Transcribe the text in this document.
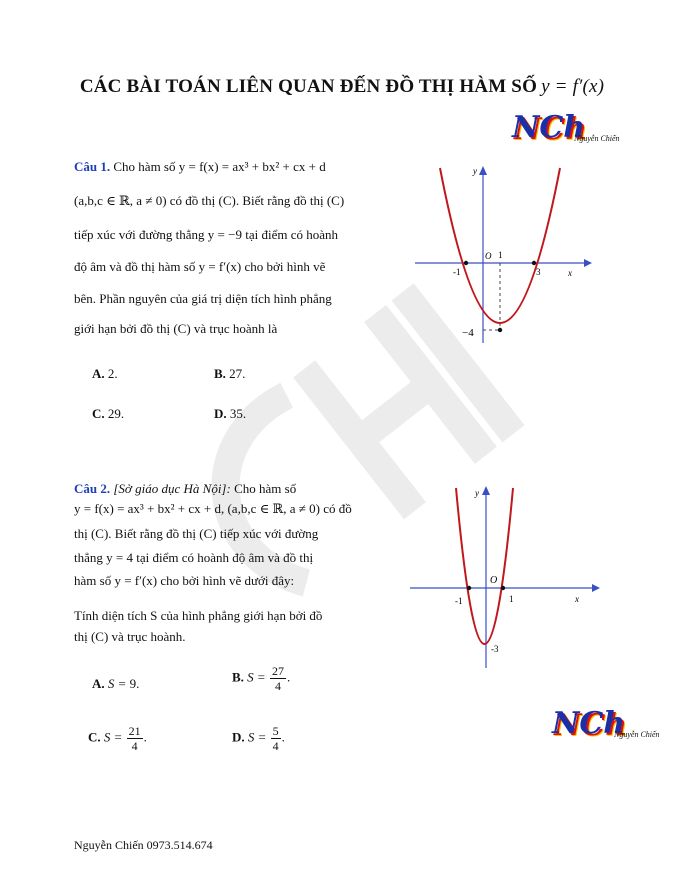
CÁC BÀI TOÁN LIÊN QUAN ĐẾN ĐỒ THỊ HÀM SỐ y = f′(x)
NCh
Nguyễn Chiến
Câu 1. Cho hàm số y = f(x) = ax³ + bx² + cx + d
(a,b,c ∈ ℝ, a ≠ 0) có đồ thị (C). Biết rằng đồ thị (C)
tiếp xúc với đường thẳng y = −9 tại điểm có hoành
độ âm và đồ thị hàm số y = f′(x) cho bởi hình vẽ
bên. Phần nguyên của giá trị diện tích hình phẳng
giới hạn bởi đồ thị (C) và trục hoành là
A. 2.	B. 27.
C. 29.	D. 35.
y
x
O 1
-1	3
−4
Câu 2. [Sở giáo dục Hà Nội]: Cho hàm số
y = f(x) = ax³ + bx² + cx + d, (a,b,c ∈ ℝ, a ≠ 0) có đồ
thị (C). Biết rằng đồ thị (C) tiếp xúc với đường
thẳng y = 4 tại điểm có hoành độ âm và đồ thị
hàm số y = f′(x) cho bởi hình vẽ dưới đây:
Tính diện tích S của hình phẳng giới hạn bởi đồ
thị (C) và trục hoành.
A. S = 9.	B. $S = \frac{27}{4}$ .
C. $S = \frac{21}{4}$ .	D. $S = \frac{5}{4}$ .
y
x
O
-1	1
-3
NCh
Nguyễn Chiến
Nguyễn Chiến 0973.514.674
